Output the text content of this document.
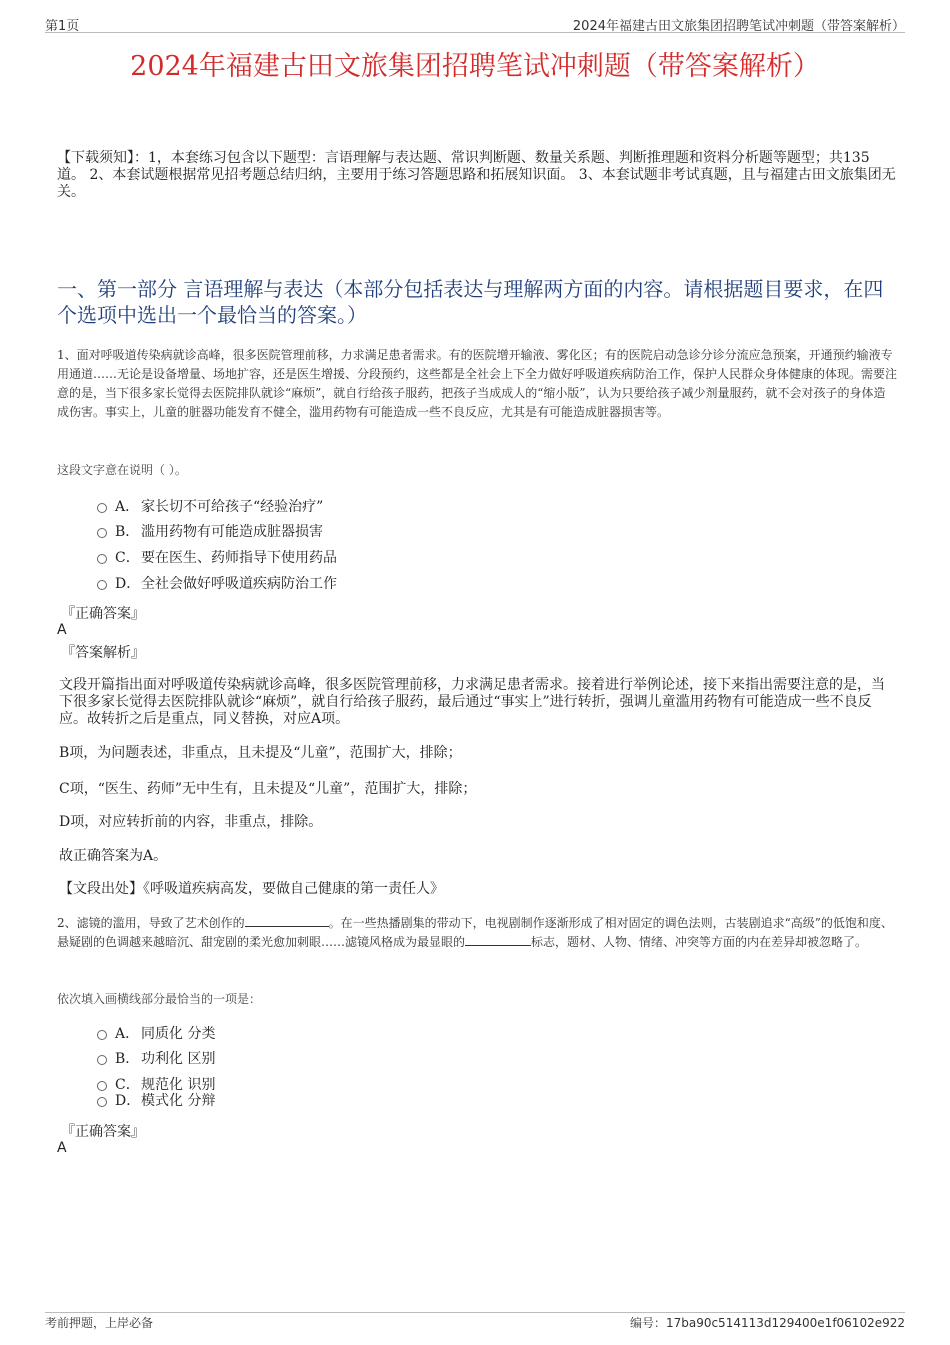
第1页	2024年福建古田文旅集团招聘笔试冲刺题（带答案解析）
2024年福建古田文旅集团招聘笔试冲刺题（带答案解析）
【下载须知】：1，本套练习包含以下题型：言语理解与表达题、常识判断题、数量关系题、判断推理题和资料分析题等题型；共135道。 2、本套试题根据常见招考题总结归纳，主要用于练习答题思路和拓展知识面。 3、本套试题非考试真题，且与福建古田文旅集团无关。
一、第一部分 言语理解与表达（本部分包括表达与理解两方面的内容。请根据题目要求，在四个选项中选出一个最恰当的答案。）
1、面对呼吸道传染病就诊高峰，很多医院管理前移，力求满足患者需求。有的医院增开输液、雾化区；有的医院启动急诊分诊分流应急预案，开通预约输液专用通道……无论是设备增量、场地扩容，还是医生增援、分段预约，这些都是全社会上下全力做好呼吸道疾病防治工作，保护人民群众身体健康的体现。需要注意的是，当下很多家长觉得去医院排队就诊“麻烦”，就自行给孩子服药，把孩子当成成人的“缩小版”，认为只要给孩子减少剂量服药，就不会对孩子的身体造成伤害。事实上，儿童的脏器功能发育不健全，滥用药物有可能造成一些不良反应，尤其是有可能造成脏器损害等。
这段文字意在说明（ ）。
A． 家长切不可给孩子“经验治疗”
B． 滥用药物有可能造成脏器损害
C．要在医生、药师指导下使用药品
D．全社会做好呼吸道疾病防治工作
『正确答案』
A
『答案解析』
文段开篇指出面对呼吸道传染病就诊高峰，很多医院管理前移，力求满足患者需求。接着进行举例论述，接下来指出需要注意的是，当下很多家长觉得去医院排队就诊“麻烦”，就自行给孩子服药，最后通过“事实上”进行转折，强调儿童滥用药物有可能造成一些不良反应。故转折之后是重点，同义替换，对应A项。
B项，为问题表述，非重点，且未提及“儿童”，范围扩大，排除；
C项，“医生、药师”无中生有，且未提及“儿童”，范围扩大，排除；
D项，对应转折前的内容，非重点，排除。
故正确答案为A。
【文段出处】《呼吸道疾病高发，要做自己健康的第一责任人》
2、滤镜的滥用，导致了艺术创作的	。在一些热播剧集的带动下，电视剧制作逐渐形成了相对固定的调色法则，古装剧追求“高级”的低饱和度、悬疑剧的色调越来越暗沉、甜宠剧的柔光愈加刺眼……滤镜风格成为最显眼的	标志，题材、人物、情绪、冲突等方面的内在差异却被忽略了。
依次填入画横线部分最恰当的一项是：
A． 同质化 分类
B． 功利化 区别
C．规范化 识别
D．模式化 分辩
『正确答案』
A
考前押题，上岸必备	编号：17ba90c514113d129400e1f06102e922
